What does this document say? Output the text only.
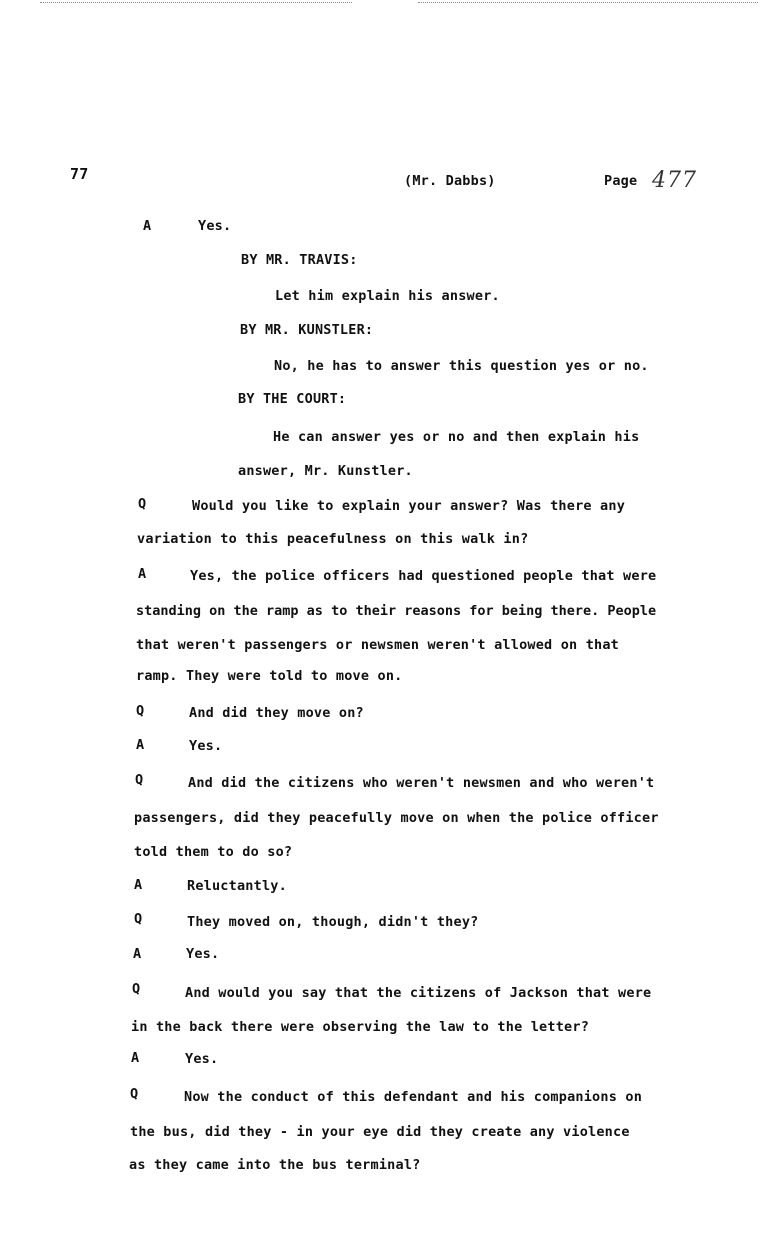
77	(Mr. Dabbs)	Page 477
A	Yes.
BY MR. TRAVIS:
Let him explain his answer.
BY MR. KUNSTLER:
No, he has to answer this question yes or no.
BY THE COURT:
He can answer yes or no and then explain his
answer, Mr. Kunstler.
Q	Would you like to explain your answer? Was there any
variation to this peacefulness on this walk in?
A	Yes, the police officers had questioned people that were
standing on the ramp as to their reasons for being there. People
that weren't passengers or newsmen weren't allowed on that
ramp. They were told to move on.
Q	And did they move on?
A	Yes.
Q	And did the citizens who weren't newsmen and who weren't
passengers, did they peacefully move on when the police officer
told them to do so?
A	Reluctantly.
Q	They moved on, though, didn't they?
A	Yes.
Q	And would you say that the citizens of Jackson that were
in the back there were observing the law to the letter?
A	Yes.
Q	Now the conduct of this defendant and his companions on
the bus, did they - in your eye did they create any violence
as they came into the bus terminal?
